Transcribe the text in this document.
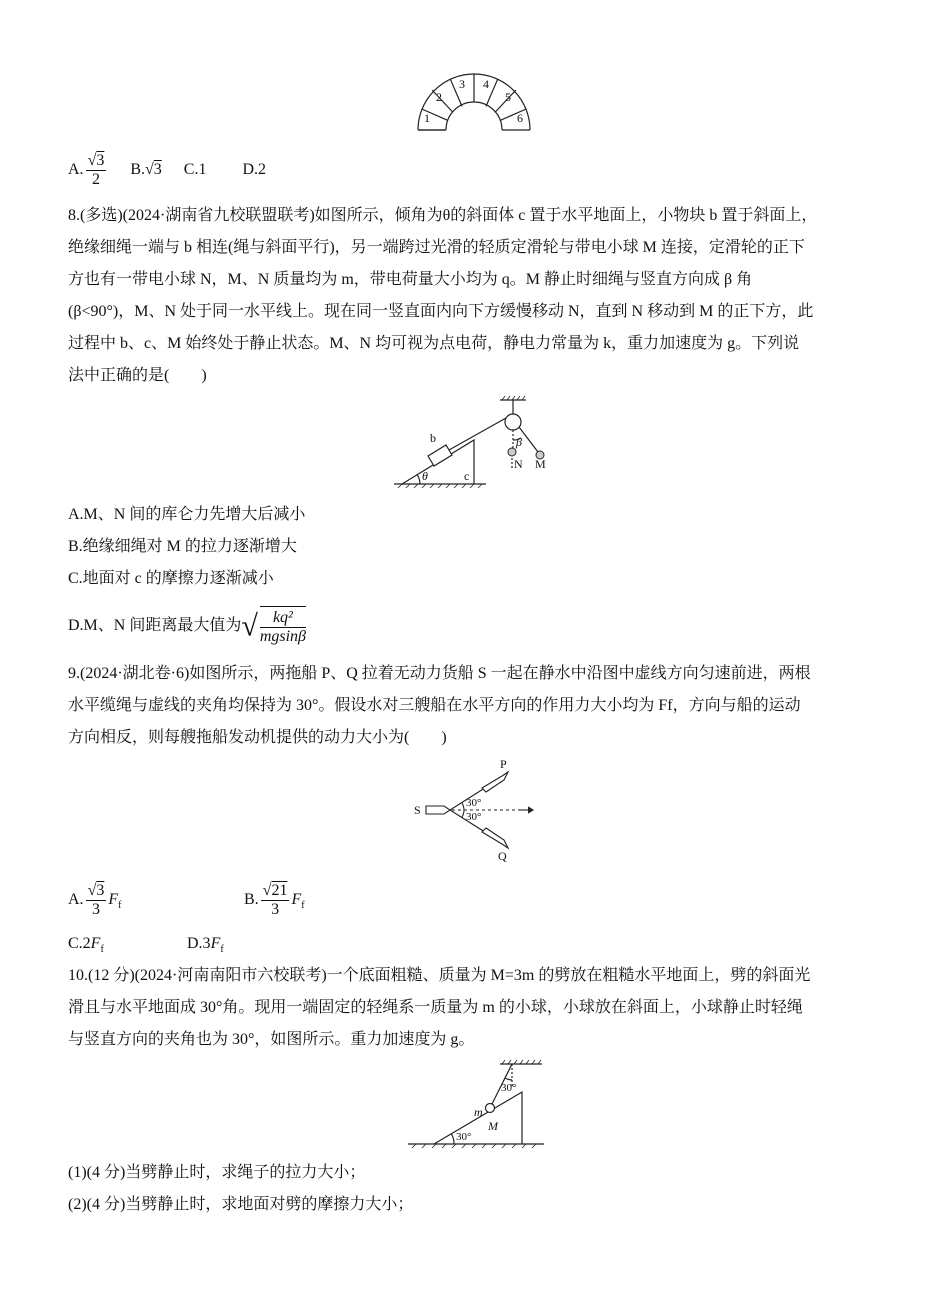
1
2
3 4
5
6
A. √ $\frac{3}{2} B$. √ 3 C.1 D.2
8.(多选)(2024·湖南省九校联盟联考)如图所示，倾角为θ的斜面体 c 置于水平地面上，小物块 b 置于斜面上，
绝缘细绳一端与 b 相连(绳与斜面平行)，另一端跨过光滑的轻质定滑轮与带电小球 M 连接，定滑轮的正下
方也有一带电小球 N，M、N 质量均为 m，带电荷量大小均为 q。M 静止时细绳与竖直方向成 β 角
(β<90°)，M、N 处于同一水平线上。现在同一竖直面内向下方缓慢移动 N，直到 N 移动到 M 的正下方，此
过程中 b、c、M 始终处于静止状态。M、N 均可视为点电荷，静电力常量为 k，重力加速度为 g。下列说
法中正确的是(　　)
b
c
θ
β
N M
A.M、N 间的库仑力先增大后减小
B.绝缘细绳对 M 的拉力逐渐增大
C.地面对 c 的摩擦力逐渐减小
D.M、N 间距离最大值为√ $\frac{\text{kq²}}{mgsin\beta}$
9.(2024·湖北卷·6)如图所示，两拖船 P、Q 拉着无动力货船 S 一起在静水中沿图中虚线方向匀速前进，两根
水平缆绳与虚线的夹角均保持为 30°。假设水对三艘船在水平方向的作用力大小均为 Ff，方向与船的运动
方向相反，则每艘拖船发动机提供的动力大小为(　　)
P
Q
S	30°
30°
A. √ $\frac{3}{3} F_f$	B. √ $\frac{21}{3} F_f$
$C.2F_f$	$D.3F_f$
10.(12 分)(2024·河南南阳市六校联考)一个底面粗糙、质量为 M=3m 的劈放在粗糙水平地面上，劈的斜面光
滑且与水平地面成 30°角。现用一端固定的轻绳系一质量为 m 的小球，小球放在斜面上，小球静止时轻绳
与竖直方向的夹角也为 30°，如图所示。重力加速度为 g。
m
M
30°
30°
(1)(4 分)当劈静止时，求绳子的拉力大小；
(2)(4 分)当劈静止时，求地面对劈的摩擦力大小；
